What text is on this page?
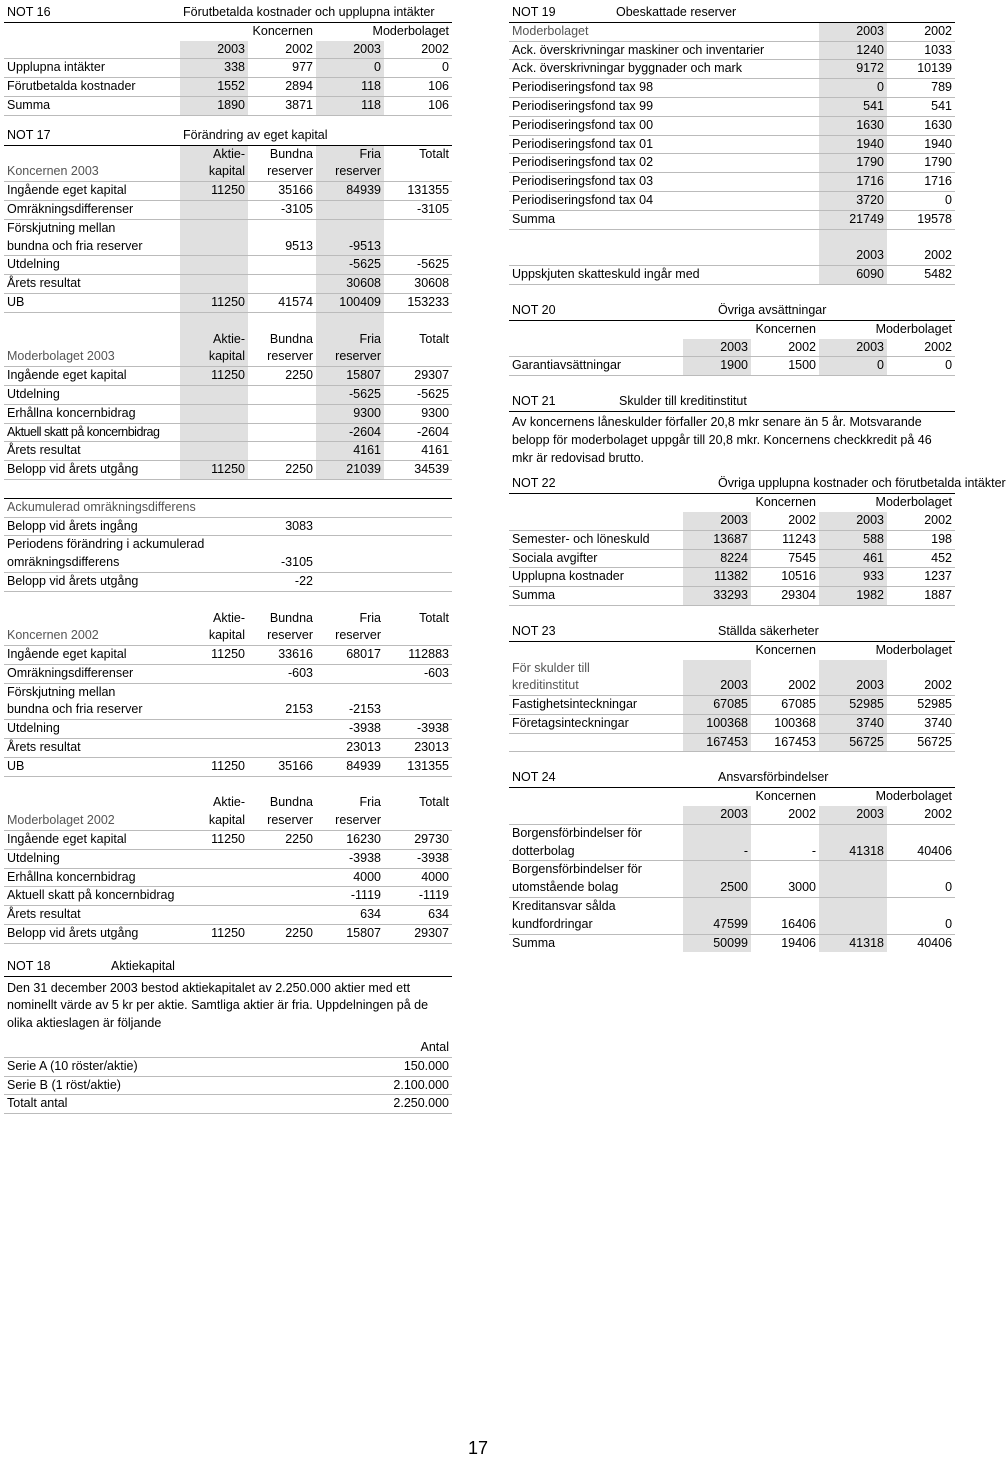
NOT 16	Förutbetalda kostnader och upplupna intäkter			
	Koncernen		Moderbolaget	
	2003	2002	2003	2002
Upplupna intäkter	338	977	0	0
Förutbetalda kostnader	1552	2894	118	106
Summa	1890	3871	118	106
NOT 17	Förändring av eget kapital			
	Aktie-	Bundna	Fria	Totalt
Koncernen 2003	kapital	reserver	reserver	
Ingående eget kapital	11250	35166	84939	131355
Omräkningsdifferenser		-3105		-3105
Förskjutning mellan				
bundna och fria reserver		9513	-9513	
Utdelning			-5625	-5625
Årets resultat			30608	30608
UB	11250	41574	100409	153233

	Aktie-	Bundna	Fria	Totalt
Moderbolaget 2003	kapital	reserver	reserver	
Ingående eget kapital	11250	2250	15807	29307
Utdelning			-5625	-5625
Erhållna koncernbidrag			9300	9300
Aktuell skatt på koncernbidrag			-2604	-2604
Årets resultat			4161	4161
Belopp vid årets utgång	11250	2250	21039	34539
Ackumulerad omräkningsdifferens		
Belopp vid årets ingång	3083	
Periodens förändring i ackumulerad		
omräkningsdifferens	-3105	
Belopp vid årets utgång	-22	
	Aktie-	Bundna	Fria	Totalt
Koncernen 2002	kapital	reserver	reserver	
Ingående eget kapital	11250	33616	68017	112883
Omräkningsdifferenser		-603		-603
Förskjutning mellan				
bundna och fria reserver		2153	-2153	
Utdelning			-3938	-3938
Årets resultat			23013	23013
UB	11250	35166	84939	131355

	Aktie-	Bundna	Fria	Totalt
Moderbolaget 2002	kapital	reserver	reserver	
Ingående eget kapital	11250	2250	16230	29730
Utdelning			-3938	-3938
Erhållna koncernbidrag			4000	4000
Aktuell skatt på koncernbidrag			-1119	-1119
Årets resultat			634	634
Belopp vid årets utgång	11250	2250	15807	29307
NOT 18	Aktiekapital
Den 31 december 2003 bestod aktiekapitalet av 2.250.000 aktier med ett nominellt värde av 5 kr per aktie. Samtliga aktier är fria. Uppdelningen på de olika aktieslagen är följande
	Antal
Serie A (10 röster/aktie)	150.000
Serie B (1 röst/aktie)	2.100.000
Totalt antal	2.250.000
NOT 19		
Moderbolaget	2003	2002
Ack. överskrivningar maskiner och inventarier	1240	1033
Ack. överskrivningar byggnader och mark	9172	10139
Periodiseringsfond tax 98	0	789
Periodiseringsfond tax 99	541	541
Periodiseringsfond tax 00	1630	1630
Periodiseringsfond tax 01	1940	1940
Periodiseringsfond tax 02	1790	1790
Periodiseringsfond tax 03	1716	1716
Periodiseringsfond tax 04	3720	0
Summa	21749	19578

	2003	2002
Uppskjuten skatteskuld ingår med	6090	5482
Obeskattade reserver
NOT 20	Övriga avsättningar			
	Koncernen		Moderbolaget	
	2003	2002	2003	2002
Garantiavsättningar	1900	1500	0	0
NOT 21	Skulder till kreditinstitut
Av koncernens låneskulder förfaller 20,8 mkr senare än 5 år. Motsvarande belopp för moderbolaget uppgår till 20,8 mkr. Koncernens checkkredit på 46 mkr är redovisad brutto.
NOT 22	Övriga upplupna kostnader och förutbetalda intäkter			
	Koncernen		Moderbolaget	
	2003	2002	2003	2002
Semester- och löneskuld	13687	11243	588	198
Sociala avgifter	8224	7545	461	452
Upplupna kostnader	11382	10516	933	1237
Summa	33293	29304	1982	1887
NOT 23	Ställda säkerheter			
	Koncernen		Moderbolaget	
För skulder till				
kreditinstitut	2003	2002	2003	2002
Fastighetsinteckningar	67085	67085	52985	52985
Företagsinteckningar	100368	100368	3740	3740
	167453	167453	56725	56725
NOT 24	Ansvarsförbindelser			
	Koncernen		Moderbolaget	
	2003	2002	2003	2002
Borgensförbindelser för				
dotterbolag	-	-	41318	40406
Borgensförbindelser för				
utomstående bolag	2500	3000		0
Kreditansvar sålda				
kundfordringar	47599	16406		0
Summa	50099	19406	41318	40406
17
